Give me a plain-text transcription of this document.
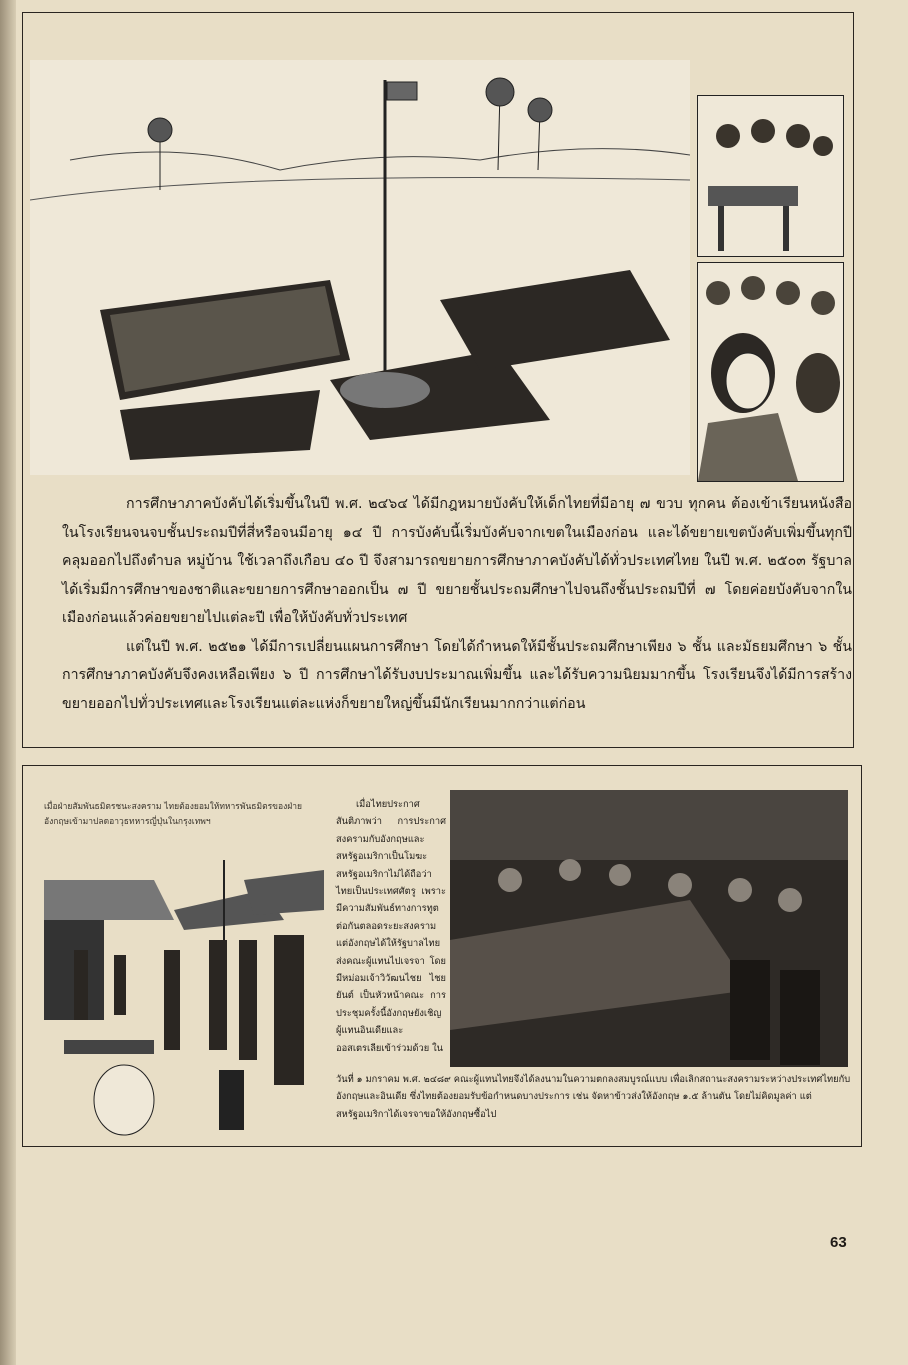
การศึกษาภาคบังคับได้เริ่มขึ้นในปี พ.ศ. ๒๔๖๔ ได้มีกฎหมายบังคับให้เด็กไทยที่มีอายุ ๗ ขวบ ทุกคน ต้องเข้าเรียนหนังสือในโรงเรียนจนจบชั้นประถมปีที่สี่หรือจนมีอายุ ๑๔ ปี การบังคับนี้เริ่มบังคับจากเขตในเมืองก่อน และได้ขยายเขตบังคับเพิ่มขึ้นทุกปี คลุมออกไปถึงตำบล หมู่บ้าน ใช้เวลาถึงเกือบ ๔๐ ปี จึงสามารถขยายการศึกษาภาคบังคับได้ทั่วประเทศไทย ในปี พ.ศ. ๒๕๐๓ รัฐบาลได้เริ่มมีการศึกษาของชาติและขยายการศึกษาออกเป็น ๗ ปี ขยายชั้นประถมศึกษาไปจนถึงชั้นประถมปีที่ ๗ โดยค่อยบังคับจากในเมืองก่อนแล้วค่อยขยายไปแต่ละปี เพื่อให้บังคับทั่วประเทศ

แต่ในปี พ.ศ. ๒๕๒๑ ได้มีการเปลี่ยนแผนการศึกษา โดยได้กำหนดให้มีชั้นประถมศึกษาเพียง ๖ ชั้น และมัธยมศึกษา ๖ ชั้น การศึกษาภาคบังคับจึงคงเหลือเพียง ๖ ปี การศึกษาได้รับงบประมาณเพิ่มขึ้น และได้รับความนิยมมากขึ้น โรงเรียนจึงได้มีการสร้างขยายออกไปทั่วประเทศและโรงเรียนแต่ละแห่งก็ขยายใหญ่ขึ้นมีนักเรียนมากกว่าแต่ก่อน

เมื่อฝ่ายสัมพันธมิตรชนะสงคราม ไทยต้องยอมให้ทหารพันธมิตรของฝ่ายอังกฤษเข้ามาปลดอาวุธทหารญี่ปุ่นในกรุงเทพฯ
เมื่อไทยประกาศสันติภาพว่า การประกาศสงครามกับอังกฤษและสหรัฐอเมริกาเป็นโมฆะ สหรัฐอเมริกาไม่ได้ถือว่าไทยเป็นประเทศศัตรู เพราะมีความสัมพันธ์ทางการทูตต่อกันตลอดระยะสงคราม แต่อังกฤษได้ให้รัฐบาลไทยส่งคณะผู้แทนไปเจรจา โดยมีหม่อมเจ้าวิวัฒนไชย ไชยยันต์ เป็นหัวหน้าคณะ การประชุมครั้งนี้อังกฤษยังเชิญผู้แทนอินเดียและออสเตรเลียเข้าร่วมด้วย ใน
วันที่ ๑ มกราคม พ.ศ. ๒๔๘๙ คณะผู้แทนไทยจึงได้ลงนามในความตกลงสมบูรณ์แบบ เพื่อเลิกสถานะสงครามระหว่างประเทศไทยกับอังกฤษและอินเดีย ซึ่งไทยต้องยอมรับข้อกำหนดบางประการ เช่น จัดหาข้าวส่งให้อังกฤษ ๑.๕ ล้านตัน โดยไม่คิดมูลค่า แต่สหรัฐอเมริกาได้เจรจาขอให้อังกฤษซื้อไป
63
